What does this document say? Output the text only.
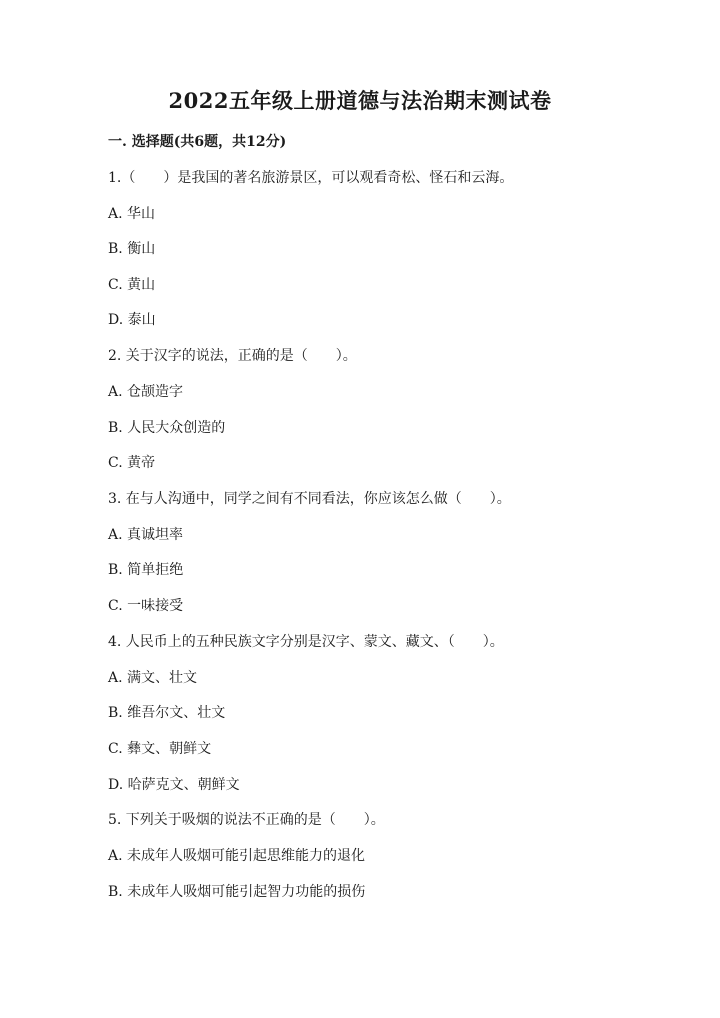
2022五年级上册道德与法治期末测试卷
一. 选择题(共6题，共12分)
1.（　　）是我国的著名旅游景区，可以观看奇松、怪石和云海。
A. 华山
B. 衡山
C. 黄山
D. 泰山
2. 关于汉字的说法，正确的是（　　）。
A. 仓颉造字
B. 人民大众创造的
C. 黄帝
3. 在与人沟通中，同学之间有不同看法，你应该怎么做（　　）。
A. 真诚坦率
B. 简单拒绝
C. 一味接受
4. 人民币上的五种民族文字分别是汉字、蒙文、藏文、（　　）。
A. 满文、壮文
B. 维吾尔文、壮文
C. 彝文、朝鲜文
D. 哈萨克文、朝鲜文
5. 下列关于吸烟的说法不正确的是（　　）。
A. 未成年人吸烟可能引起思维能力的退化
B. 未成年人吸烟可能引起智力功能的损伤
